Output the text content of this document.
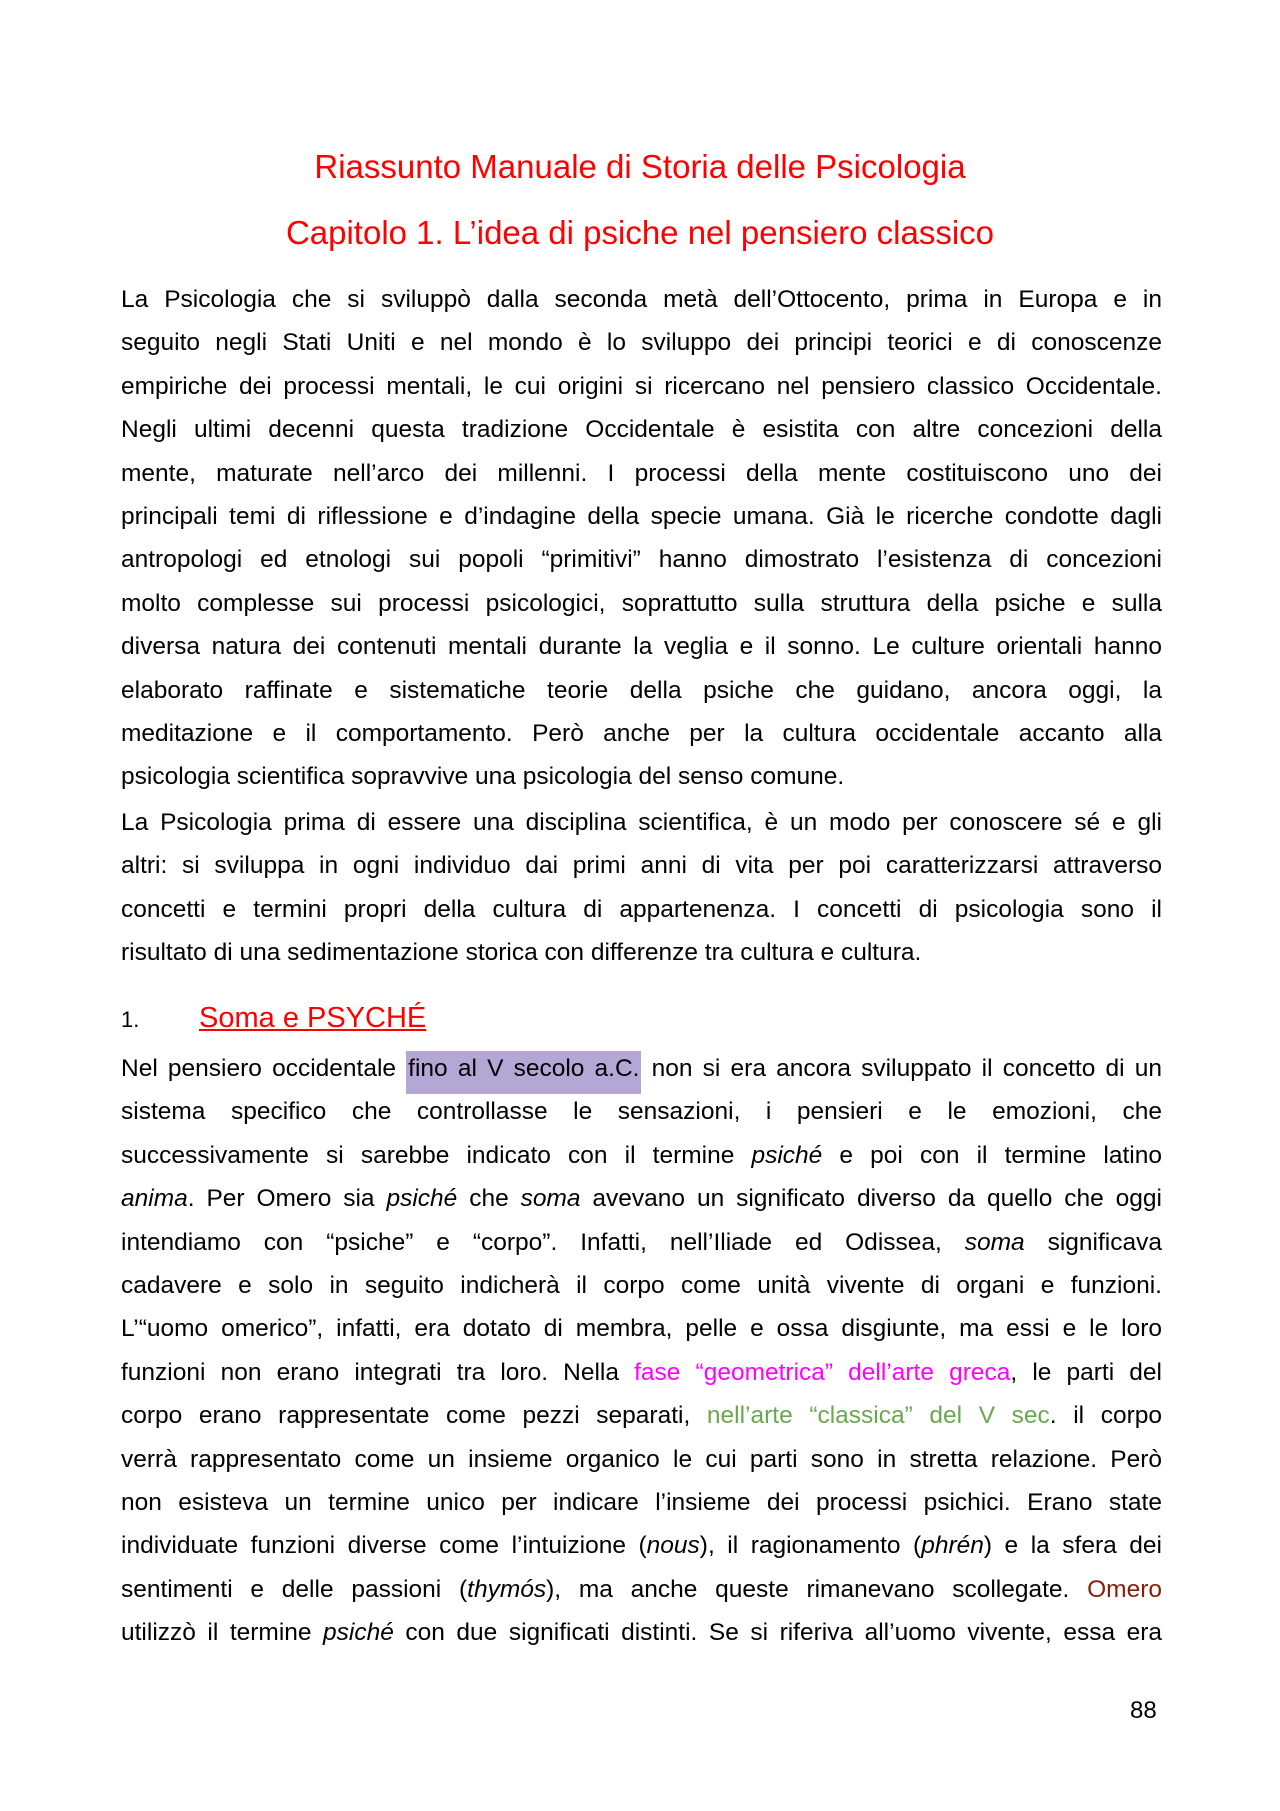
Riassunto Manuale di Storia delle Psicologia
Capitolo 1. L’idea di psiche nel pensiero classico
La Psicologia che si sviluppò dalla seconda metà dell’Ottocento, prima in Europa e in
seguito negli Stati Uniti e nel mondo è lo sviluppo dei principi teorici e di conoscenze
empiriche dei processi mentali, le cui origini si ricercano nel pensiero classico Occidentale.
Negli ultimi decenni questa tradizione Occidentale è esistita con altre concezioni della
mente, maturate nell’arco dei millenni. I processi della mente costituiscono uno dei
principali temi di riflessione e d’indagine della specie umana. Già le ricerche condotte dagli
antropologi ed etnologi sui popoli “primitivi” hanno dimostrato l’esistenza di concezioni
molto complesse sui processi psicologici, soprattutto sulla struttura della psiche e sulla
diversa natura dei contenuti mentali durante la veglia e il sonno. Le culture orientali hanno
elaborato raffinate e sistematiche teorie della psiche che guidano, ancora oggi, la
meditazione e il comportamento. Però anche per la cultura occidentale accanto alla
psicologia scientifica sopravvive una psicologia del senso comune.
La Psicologia prima di essere una disciplina scientifica, è un modo per conoscere sé e gli
altri: si sviluppa in ogni individuo dai primi anni di vita per poi caratterizzarsi attraverso
concetti e termini propri della cultura di appartenenza. I concetti di psicologia sono il
risultato di una sedimentazione storica con differenze tra cultura e cultura.
1. Soma e PSYCHÉ
Nel pensiero occidentale fino al V secolo a.C. non si era ancora sviluppato il concetto di un
sistema specifico che controllasse le sensazioni, i pensieri e le emozioni, che
successivamente si sarebbe indicato con il termine psiché e poi con il termine latino
anima. Per Omero sia psiché che soma avevano un significato diverso da quello che oggi
intendiamo con “psiche” e “corpo”. Infatti, nell’Iliade ed Odissea, soma significava
cadavere e solo in seguito indicherà il corpo come unità vivente di organi e funzioni.
L’“uomo omerico”, infatti, era dotato di membra, pelle e ossa disgiunte, ma essi e le loro
funzioni non erano integrati tra loro. Nella fase “geometrica” dell’arte greca, le parti del
corpo erano rappresentate come pezzi separati, nell’arte “classica” del V sec. il corpo
verrà rappresentato come un insieme organico le cui parti sono in stretta relazione. Però
non esisteva un termine unico per indicare l’insieme dei processi psichici. Erano state
individuate funzioni diverse come l’intuizione (nous), il ragionamento (phrén) e la sfera dei
sentimenti e delle passioni (thymós), ma anche queste rimanevano scollegate. Omero
utilizzò il termine psiché con due significati distinti. Se si riferiva all’uomo vivente, essa era
88
